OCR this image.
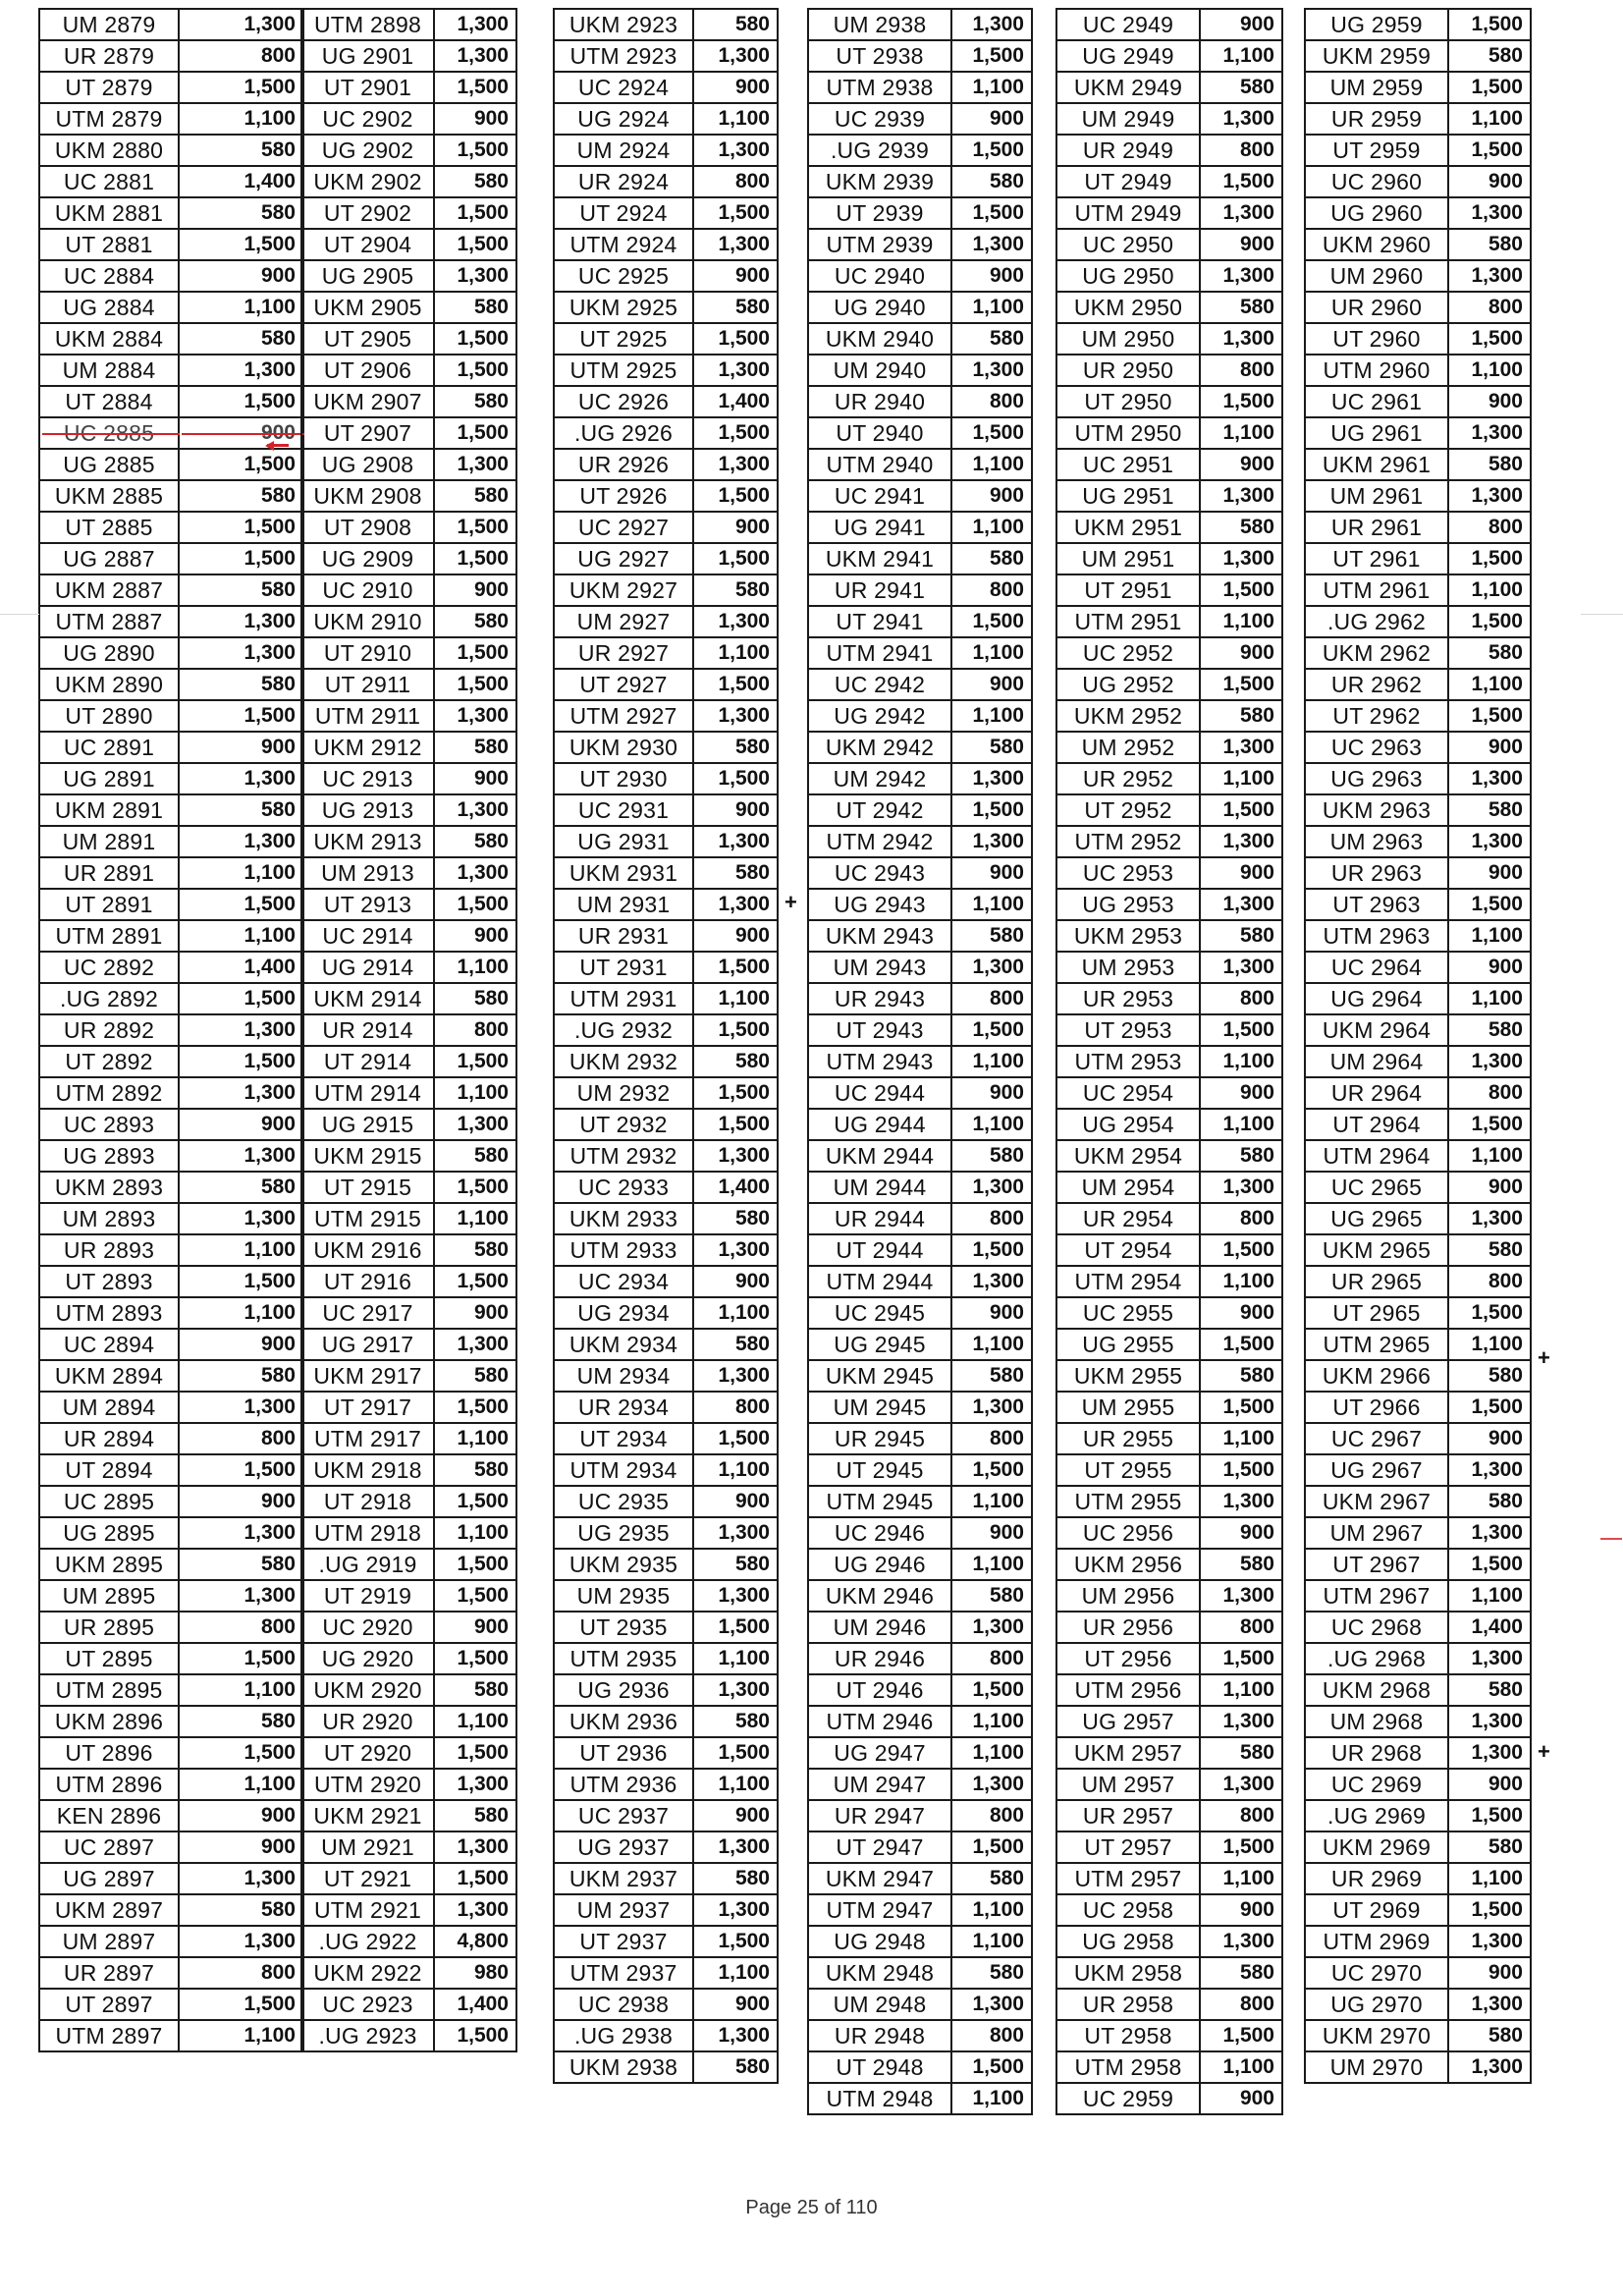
UM 2879	1,300
UR 2879	800
UT 2879	1,500
UTM 2879	1,100
UKM 2880	580
UC 2881	1,400
UKM 2881	580
UT 2881	1,500
UC 2884	900
UG 2884	1,100
UKM 2884	580
UM 2884	1,300
UT 2884	1,500
UC 2885	900
UG 2885	1,500
UKM 2885	580
UT 2885	1,500
UG 2887	1,500
UKM 2887	580
UTM 2887	1,300
UG 2890	1,300
UKM 2890	580
UT 2890	1,500
UC 2891	900
UG 2891	1,300
UKM 2891	580
UM 2891	1,300
UR 2891	1,100
UT 2891	1,500
UTM 2891	1,100
UC 2892	1,400
.UG 2892	1,500
UR 2892	1,300
UT 2892	1,500
UTM 2892	1,300
UC 2893	900
UG 2893	1,300
UKM 2893	580
UM 2893	1,300
UR 2893	1,100
UT 2893	1,500
UTM 2893	1,100
UC 2894	900
UKM 2894	580
UM 2894	1,300
UR 2894	800
UT 2894	1,500
UC 2895	900
UG 2895	1,300
UKM 2895	580
UM 2895	1,300
UR 2895	800
UT 2895	1,500
UTM 2895	1,100
UKM 2896	580
UT 2896	1,500
UTM 2896	1,100
KEN 2896	900
UC 2897	900
UG 2897	1,300
UKM 2897	580
UM 2897	1,300
UR 2897	800
UT 2897	1,500
UTM 2897	1,100
UTM 2898	1,300
UG 2901	1,300
UT 2901	1,500
UC 2902	900
UG 2902	1,500
UKM 2902	580
UT 2902	1,500
UT 2904	1,500
UG 2905	1,300
UKM 2905	580
UT 2905	1,500
UT 2906	1,500
UKM 2907	580
UT 2907	1,500
UG 2908	1,300
UKM 2908	580
UT 2908	1,500
UG 2909	1,500
UC 2910	900
UKM 2910	580
UT 2910	1,500
UT 2911	1,500
UTM 2911	1,300
UKM 2912	580
UC 2913	900
UG 2913	1,300
UKM 2913	580
UM 2913	1,300
UT 2913	1,500
UC 2914	900
UG 2914	1,100
UKM 2914	580
UR 2914	800
UT 2914	1,500
UTM 2914	1,100
UG 2915	1,300
UKM 2915	580
UT 2915	1,500
UTM 2915	1,100
UKM 2916	580
UT 2916	1,500
UC 2917	900
UG 2917	1,300
UKM 2917	580
UT 2917	1,500
UTM 2917	1,100
UKM 2918	580
UT 2918	1,500
UTM 2918	1,100
.UG 2919	1,500
UT 2919	1,500
UC 2920	900
UG 2920	1,500
UKM 2920	580
UR 2920	1,100
UT 2920	1,500
UTM 2920	1,300
UKM 2921	580
UM 2921	1,300
UT 2921	1,500
UTM 2921	1,300
.UG 2922	4,800
UKM 2922	980
UC 2923	1,400
.UG 2923	1,500
UKM 2923	580
UTM 2923	1,300
UC 2924	900
UG 2924	1,100
UM 2924	1,300
UR 2924	800
UT 2924	1,500
UTM 2924	1,300
UC 2925	900
UKM 2925	580
UT 2925	1,500
UTM 2925	1,300
UC 2926	1,400
.UG 2926	1,500
UR 2926	1,300
UT 2926	1,500
UC 2927	900
UG 2927	1,500
UKM 2927	580
UM 2927	1,300
UR 2927	1,100
UT 2927	1,500
UTM 2927	1,300
UKM 2930	580
UT 2930	1,500
UC 2931	900
UG 2931	1,300
UKM 2931	580
UM 2931	1,300
UR 2931	900
UT 2931	1,500
UTM 2931	1,100
.UG 2932	1,500
UKM 2932	580
UM 2932	1,500
UT 2932	1,500
UTM 2932	1,300
UC 2933	1,400
UKM 2933	580
UTM 2933	1,300
UC 2934	900
UG 2934	1,100
UKM 2934	580
UM 2934	1,300
UR 2934	800
UT 2934	1,500
UTM 2934	1,100
UC 2935	900
UG 2935	1,300
UKM 2935	580
UM 2935	1,300
UT 2935	1,500
UTM 2935	1,100
UG 2936	1,300
UKM 2936	580
UT 2936	1,500
UTM 2936	1,100
UC 2937	900
UG 2937	1,300
UKM 2937	580
UM 2937	1,300
UT 2937	1,500
UTM 2937	1,100
UC 2938	900
.UG 2938	1,300
UKM 2938	580
+
UM 2938	1,300
UT 2938	1,500
UTM 2938	1,100
UC 2939	900
.UG 2939	1,500
UKM 2939	580
UT 2939	1,500
UTM 2939	1,300
UC 2940	900
UG 2940	1,100
UKM 2940	580
UM 2940	1,300
UR 2940	800
UT 2940	1,500
UTM 2940	1,100
UC 2941	900
UG 2941	1,100
UKM 2941	580
UR 2941	800
UT 2941	1,500
UTM 2941	1,100
UC 2942	900
UG 2942	1,100
UKM 2942	580
UM 2942	1,300
UT 2942	1,500
UTM 2942	1,300
UC 2943	900
UG 2943	1,100
UKM 2943	580
UM 2943	1,300
UR 2943	800
UT 2943	1,500
UTM 2943	1,100
UC 2944	900
UG 2944	1,100
UKM 2944	580
UM 2944	1,300
UR 2944	800
UT 2944	1,500
UTM 2944	1,300
UC 2945	900
UG 2945	1,100
UKM 2945	580
UM 2945	1,300
UR 2945	800
UT 2945	1,500
UTM 2945	1,100
UC 2946	900
UG 2946	1,100
UKM 2946	580
UM 2946	1,300
UR 2946	800
UT 2946	1,500
UTM 2946	1,100
UG 2947	1,100
UM 2947	1,300
UR 2947	800
UT 2947	1,500
UKM 2947	580
UTM 2947	1,100
UG 2948	1,100
UKM 2948	580
UM 2948	1,300
UR 2948	800
UT 2948	1,500
UTM 2948	1,100
UC 2949	900
UG 2949	1,100
UKM 2949	580
UM 2949	1,300
UR 2949	800
UT 2949	1,500
UTM 2949	1,300
UC 2950	900
UG 2950	1,300
UKM 2950	580
UM 2950	1,300
UR 2950	800
UT 2950	1,500
UTM 2950	1,100
UC 2951	900
UG 2951	1,300
UKM 2951	580
UM 2951	1,300
UT 2951	1,500
UTM 2951	1,100
UC 2952	900
UG 2952	1,500
UKM 2952	580
UM 2952	1,300
UR 2952	1,100
UT 2952	1,500
UTM 2952	1,300
UC 2953	900
UG 2953	1,300
UKM 2953	580
UM 2953	1,300
UR 2953	800
UT 2953	1,500
UTM 2953	1,100
UC 2954	900
UG 2954	1,100
UKM 2954	580
UM 2954	1,300
UR 2954	800
UT 2954	1,500
UTM 2954	1,100
UC 2955	900
UG 2955	1,500
UKM 2955	580
UM 2955	1,500
UR 2955	1,100
UT 2955	1,500
UTM 2955	1,300
UC 2956	900
UKM 2956	580
UM 2956	1,300
UR 2956	800
UT 2956	1,500
UTM 2956	1,100
UG 2957	1,300
UKM 2957	580
UM 2957	1,300
UR 2957	800
UT 2957	1,500
UTM 2957	1,100
UC 2958	900
UG 2958	1,300
UKM 2958	580
UR 2958	800
UT 2958	1,500
UTM 2958	1,100
UC 2959	900
UG 2959	1,500
UKM 2959	580
UM 2959	1,500
UR 2959	1,100
UT 2959	1,500
UC 2960	900
UG 2960	1,300
UKM 2960	580
UM 2960	1,300
UR 2960	800
UT 2960	1,500
UTM 2960	1,100
UC 2961	900
UG 2961	1,300
UKM 2961	580
UM 2961	1,300
UR 2961	800
UT 2961	1,500
UTM 2961	1,100
.UG 2962	1,500
UKM 2962	580
UR 2962	1,100
UT 2962	1,500
UC 2963	900
UG 2963	1,300
UKM 2963	580
UM 2963	1,300
UR 2963	900
UT 2963	1,500
UTM 2963	1,100
UC 2964	900
UG 2964	1,100
UKM 2964	580
UM 2964	1,300
UR 2964	800
UT 2964	1,500
UTM 2964	1,100
UC 2965	900
UG 2965	1,300
UKM 2965	580
UR 2965	800
UT 2965	1,500
UTM 2965	1,100
UKM 2966	580
UT 2966	1,500
UC 2967	900
UG 2967	1,300
UKM 2967	580
UM 2967	1,300
UT 2967	1,500
UTM 2967	1,100
UC 2968	1,400
.UG 2968	1,300
UKM 2968	580
UM 2968	1,300
UR 2968	1,300
UC 2969	900
.UG 2969	1,500
UKM 2969	580
UR 2969	1,100
UT 2969	1,500
UTM 2969	1,300
UC 2970	900
UG 2970	1,300
UKM 2970	580
UM 2970	1,300
+
+
Page 25 of 110
